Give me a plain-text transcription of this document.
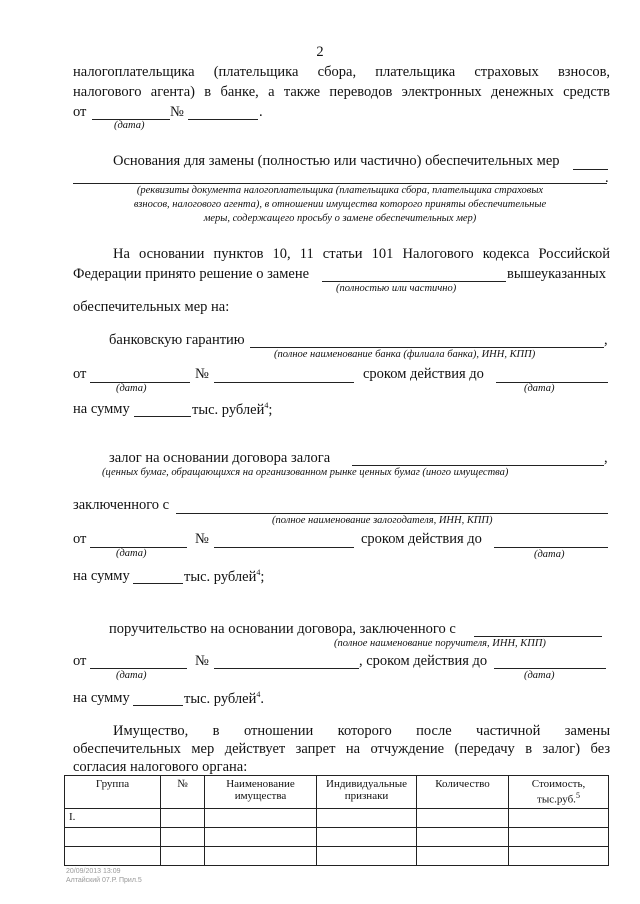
2
налогоплательщика (плательщика сбора, плательщика страховых взносов,
налогового агента) в банке, а также переводов электронных денежных средств
от	№	.
(дата)
Основания для замены (полностью или частично) обеспечительных мер
.
(реквизиты документа налогоплательщика (плательщика сбора, плательщика страховых
взносов, налогового агента), в отношении имущества которого приняты обеспечительные
меры, содержащего просьбу о замене обеспечительных мер)
На основании пунктов 10, 11 статьи 101 Налогового кодекса Российской
Федерации принято решение о замене	вышеуказанных
(полностью или частично)
обеспечительных мер на:
банковскую гарантию	,
(полное наименование банка (филиала банка), ИНН, КПП)
от	№	сроком действия до
(дата)	(дата)
на сумму	тыс. рублей$^4$;
залог на основании договора залога	,
(ценных бумаг, обращающихся на организованном рынке ценных бумаг (иного имущества)
заключенного с
(полное наименование залогодателя, ИНН, КПП)
от	№	сроком действия до
(дата)	(дата)
на сумму	тыс. рублей$^4$;
поручительство на основании договора, заключенного с
(полное наименование поручителя, ИНН, КПП)
от	№	, сроком действия до
(дата)	(дата)
на сумму	тыс. рублей$^4$.
Имущество, в отношении которого после частичной замены
обеспечительных мер действует запрет на отчуждение (передачу в залог) без
согласия налогового органа:
Группа	№	Наименование имущества	Индивидуальные признаки	Количество	Стоимость, тыс.руб.$^5$
I.					

20/09/2013 13:09
Алтайский 07.Р. Прил.5
